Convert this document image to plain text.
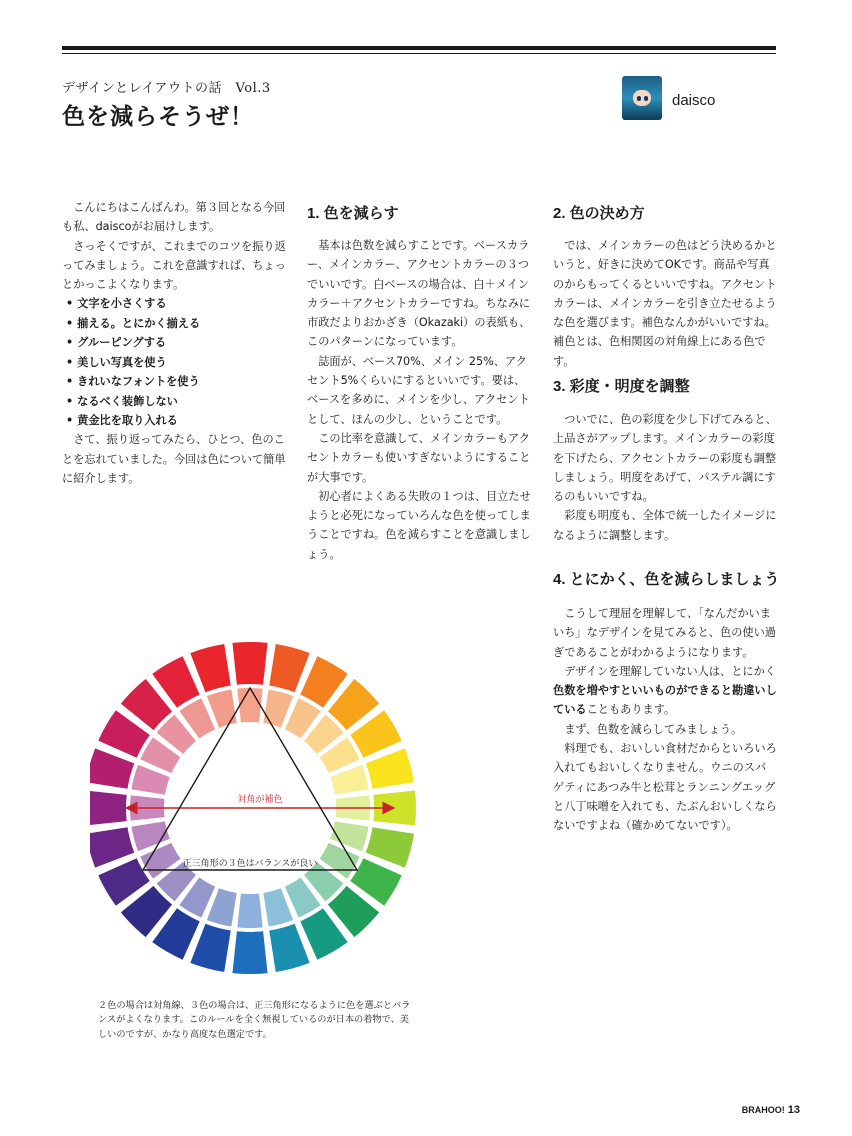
デザインとレイアウトの話　Vol.3
色を減らそうぜ！
daisco

こんにちはこんばんわ。第３回となる今回も私、daiscoがお届けします。

さっそくですが、これまでのコツを振り返ってみましょう。これを意識すれば、ちょっとかっこよくなります。

• 文字を小さくする
• 揃える。とにかく揃える
• グルーピングする
• 美しい写真を使う
• きれいなフォントを使う
• なるべく装飾しない
• 黄金比を取り入れる

さて、振り返ってみたら、ひとつ、色のことを忘れていました。今回は色について簡単に紹介します。

1. 色を減らす

基本は色数を減らすことです。ベースカラー、メインカラー、アクセントカラーの３つでいいです。白ベースの場合は、白＋メインカラー＋アクセントカラーですね。ちなみに市政だよりおかざき（Okazaki）の表紙も、このパターンになっています。

誌面が、ベース70%、メイン 25%、アクセント5%くらいにするといいです。要は、ベースを多めに、メインを少し、アクセントとして、ほんの少し、ということです。

この比率を意識して、メインカラーもアクセントカラーも使いすぎないようにすることが大事です。

初心者によくある失敗の１つは、目立たせようと必死になっていろんな色を使ってしまうことですね。色を減らすことを意識しましょう。

2. 色の決め方

では、メインカラーの色はどう決めるかというと、好きに決めてOKです。商品や写真のからもってくるといいですね。アクセントカラーは、メインカラーを引き立たせるような色を選びます。補色なんかがいいですね。補色とは、色相関図の対角線上にある色です。

3. 彩度・明度を調整

ついでに、色の彩度を少し下げてみると、上品さがアップします。メインカラーの彩度を下げたら、アクセントカラーの彩度も調整しましょう。明度をあげて、パステル調にするのもいいですね。

彩度も明度も、全体で統一したイメージになるように調整します。

4. とにかく、色を減らしましょう

こうして理屈を理解して、「なんだかいまいち」なデザインを見てみると、色の使い過ぎであることがわかるようになります。

デザインを理解していない人は、とにかく色数を増やすといいものができると勘違いしていることもあります。

まず、色数を減らしてみましょう。

料理でも、おいしい食材だからといろいろ入れてもおいしくなりません。ウニのスパゲティにあつみ牛と松茸とランニングエッグと八丁味噌を入れても、たぶんおいしくならないですよね（確かめてないです）。

対角が補色
正三角形の３色はバランスが良い
２色の場合は対角線、３色の場合は、正三角形になるように色を選ぶとバランスがよくなります。このルールを全く無視しているのが日本の着物で、美しいのですが、かなり高度な色選定です。
BRAHOO! 13
